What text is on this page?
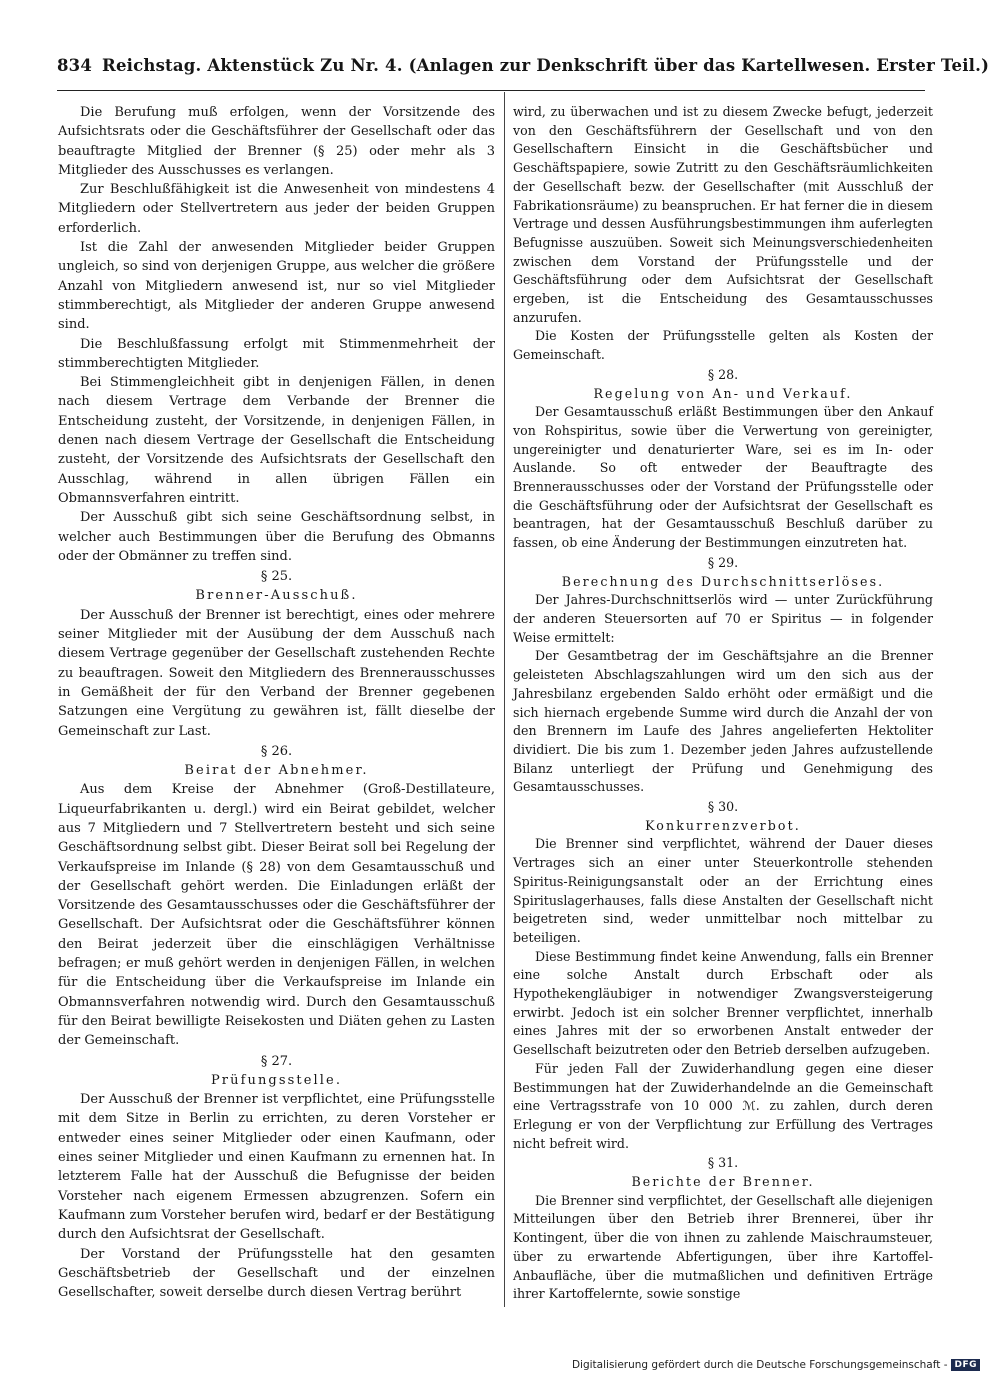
834 Reichstag. Aktenstück Zu Nr. 4. (Anlagen zur Denkschrift über das Kartellwesen. Erster Teil.)

Die Berufung muß erfolgen, wenn der Vorsitzende des Aufsichtsrats oder die Geschäftsführer der Gesellschaft oder das beauftragte Mitglied der Brenner (§ 25) oder mehr als 3 Mitglieder des Ausschusses es verlangen.

Zur Beschlußfähigkeit ist die Anwesenheit von mindestens 4 Mitgliedern oder Stellvertretern aus jeder der beiden Gruppen erforderlich.

Ist die Zahl der anwesenden Mitglieder beider Gruppen ungleich, so sind von derjenigen Gruppe, aus welcher die größere Anzahl von Mitgliedern anwesend ist, nur so viel Mitglieder stimmberechtigt, als Mitglieder der anderen Gruppe anwesend sind.

Die Beschlußfassung erfolgt mit Stimmenmehrheit der stimmberechtigten Mitglieder.

Bei Stimmengleichheit gibt in denjenigen Fällen, in denen nach diesem Vertrage dem Verbande der Brenner die Entscheidung zusteht, der Vorsitzende, in denjenigen Fällen, in denen nach diesem Vertrage der Gesellschaft die Entscheidung zusteht, der Vorsitzende des Aufsichtsrats der Gesellschaft den Ausschlag, während in allen übrigen Fällen ein Obmannsverfahren eintritt.

Der Ausschuß gibt sich seine Geschäftsordnung selbst, in welcher auch Bestimmungen über die Berufung des Obmanns oder der Obmänner zu treffen sind.

§ 25.
Brenner-Ausschuß.

Der Ausschuß der Brenner ist berechtigt, eines oder mehrere seiner Mitglieder mit der Ausübung der dem Ausschuß nach diesem Vertrage gegenüber der Gesellschaft zustehenden Rechte zu beauftragen. Soweit den Mitgliedern des Brennerausschusses in Gemäßheit der für den Verband der Brenner gegebenen Satzungen eine Vergütung zu gewähren ist, fällt dieselbe der Gemeinschaft zur Last.

§ 26.
Beirat der Abnehmer.

Aus dem Kreise der Abnehmer (Groß-Destillateure, Liqueurfabrikanten u. dergl.) wird ein Beirat gebildet, welcher aus 7 Mitgliedern und 7 Stellvertretern besteht und sich seine Geschäftsordnung selbst gibt. Dieser Beirat soll bei Regelung der Verkaufspreise im Inlande (§ 28) von dem Gesamtausschuß und der Gesellschaft gehört werden. Die Einladungen erläßt der Vorsitzende des Gesamtausschusses oder die Geschäftsführer der Gesellschaft. Der Aufsichtsrat oder die Geschäftsführer können den Beirat jederzeit über die einschlägigen Verhältnisse befragen; er muß gehört werden in denjenigen Fällen, in welchen für die Entscheidung über die Verkaufspreise im Inlande ein Obmannsverfahren notwendig wird. Durch den Gesamtausschuß für den Beirat bewilligte Reisekosten und Diäten gehen zu Lasten der Gemeinschaft.

§ 27.
Prüfungsstelle.

Der Ausschuß der Brenner ist verpflichtet, eine Prüfungsstelle mit dem Sitze in Berlin zu errichten, zu deren Vorsteher er entweder eines seiner Mitglieder oder einen Kaufmann, oder eines seiner Mitglieder und einen Kaufmann zu ernennen hat. In letzterem Falle hat der Ausschuß die Befugnisse der beiden Vorsteher nach eigenem Ermessen abzugrenzen. Sofern ein Kaufmann zum Vorsteher berufen wird, bedarf er der Bestätigung durch den Aufsichtsrat der Gesellschaft.

Der Vorstand der Prüfungsstelle hat den gesamten Geschäftsbetrieb der Gesellschaft und der einzelnen Gesellschafter, soweit derselbe durch diesen Vertrag berührt

wird, zu überwachen und ist zu diesem Zwecke befugt, jederzeit von den Geschäftsführern der Gesellschaft und von den Gesellschaftern Einsicht in die Geschäftsbücher und Geschäftspapiere, sowie Zutritt zu den Geschäftsräumlichkeiten der Gesellschaft bezw. der Gesellschafter (mit Ausschluß der Fabrikationsräume) zu beanspruchen. Er hat ferner die in diesem Vertrage und dessen Ausführungsbestimmungen ihm auferlegten Befugnisse auszuüben. Soweit sich Meinungsverschiedenheiten zwischen dem Vorstand der Prüfungsstelle und der Geschäftsführung oder dem Aufsichtsrat der Gesellschaft ergeben, ist die Entscheidung des Gesamtausschusses anzurufen.

Die Kosten der Prüfungsstelle gelten als Kosten der Gemeinschaft.

§ 28.
Regelung von An- und Verkauf.

Der Gesamtausschuß erläßt Bestimmungen über den Ankauf von Rohspiritus, sowie über die Verwertung von gereinigter, ungereinigter und denaturierter Ware, sei es im In- oder Auslande. So oft entweder der Beauftragte des Brennerausschusses oder der Vorstand der Prüfungsstelle oder die Geschäftsführung oder der Aufsichtsrat der Gesellschaft es beantragen, hat der Gesamtausschuß Beschluß darüber zu fassen, ob eine Änderung der Bestimmungen einzutreten hat.

§ 29.
Berechnung des Durchschnittserlöses.

Der Jahres-Durchschnittserlös wird — unter Zurückführung der anderen Steuersorten auf 70 er Spiritus — in folgender Weise ermittelt:

Der Gesamtbetrag der im Geschäftsjahre an die Brenner geleisteten Abschlagszahlungen wird um den sich aus der Jahresbilanz ergebenden Saldo erhöht oder ermäßigt und die sich hiernach ergebende Summe wird durch die Anzahl der von den Brennern im Laufe des Jahres angelieferten Hektoliter dividiert. Die bis zum 1. Dezember jeden Jahres aufzustellende Bilanz unterliegt der Prüfung und Genehmigung des Gesamtausschusses.

§ 30.
Konkurrenzverbot.

Die Brenner sind verpflichtet, während der Dauer dieses Vertrages sich an einer unter Steuerkontrolle stehenden Spiritus-Reinigungsanstalt oder an der Errichtung eines Spirituslagerhauses, falls diese Anstalten der Gesellschaft nicht beigetreten sind, weder unmittelbar noch mittelbar zu beteiligen.

Diese Bestimmung findet keine Anwendung, falls ein Brenner eine solche Anstalt durch Erbschaft oder als Hypothekengläubiger in notwendiger Zwangsversteigerung erwirbt. Jedoch ist ein solcher Brenner verpflichtet, innerhalb eines Jahres mit der so erworbenen Anstalt entweder der Gesellschaft beizutreten oder den Betrieb derselben aufzugeben.

Für jeden Fall der Zuwiderhandlung gegen eine dieser Bestimmungen hat der Zuwiderhandelnde an die Gemeinschaft eine Vertragsstrafe von 10 000 ℳ. zu zahlen, durch deren Erlegung er von der Verpflichtung zur Erfüllung des Vertrages nicht befreit wird.

§ 31.
Berichte der Brenner.

Die Brenner sind verpflichtet, der Gesellschaft alle diejenigen Mitteilungen über den Betrieb ihrer Brennerei, über ihr Kontingent, über die von ihnen zu zahlende Maischraumsteuer, über zu erwartende Abfertigungen, über ihre Kartoffel-Anbaufläche, über die mutmaßlichen und definitiven Erträge ihrer Kartoffelernte, sowie sonstige

Digitalisierung gefördert durch die Deutsche Forschungsgemeinschaft - DFG
